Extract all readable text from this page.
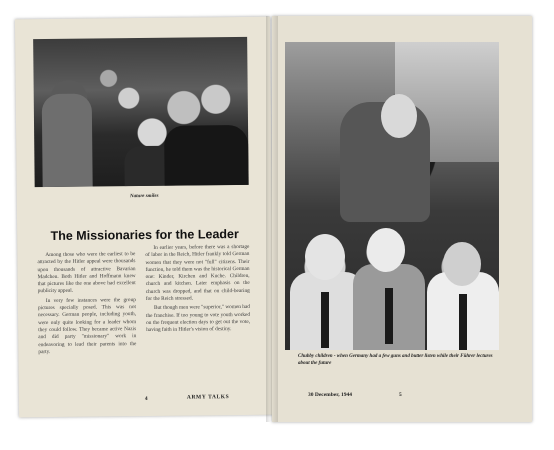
Nature smiles
The Missionaries for the Leader

Among those who were the earliest to be attracted by the Hitler appeal were thousands upon thousands of attractive Bavarian Madchen. Both Hitler and Hoffmann knew that pictures like the one above had excellent publicity appeal.

In very few instances were the group pictures specially posed. This was not necessary. German people, including youth, were only quite looking for a leader whom they could follow. They became active Nazis and did party "missionary" work in endeavoring to lead their parents into the party.

In earlier years, before there was a shortage of labor in the Reich, Hitler frankly told German women that they were not "full" citizens. Their function, he told them was the historical German one: Kinder, Kirchen and Kuche. Children, church and kitchen. Later emphasis on the church was dropped, and that on child-bearing for the Reich stressed.

But though men were "superior," women had the franchise. If too young to vote youth worked on the frequent election days to get out the vote, having faith in Hitler's vision of destiny.

4	ARMY TALKS
Chubby children - when Germany had a few guns and butter listen while their Führer lectures about the future
30 December, 1944	5
